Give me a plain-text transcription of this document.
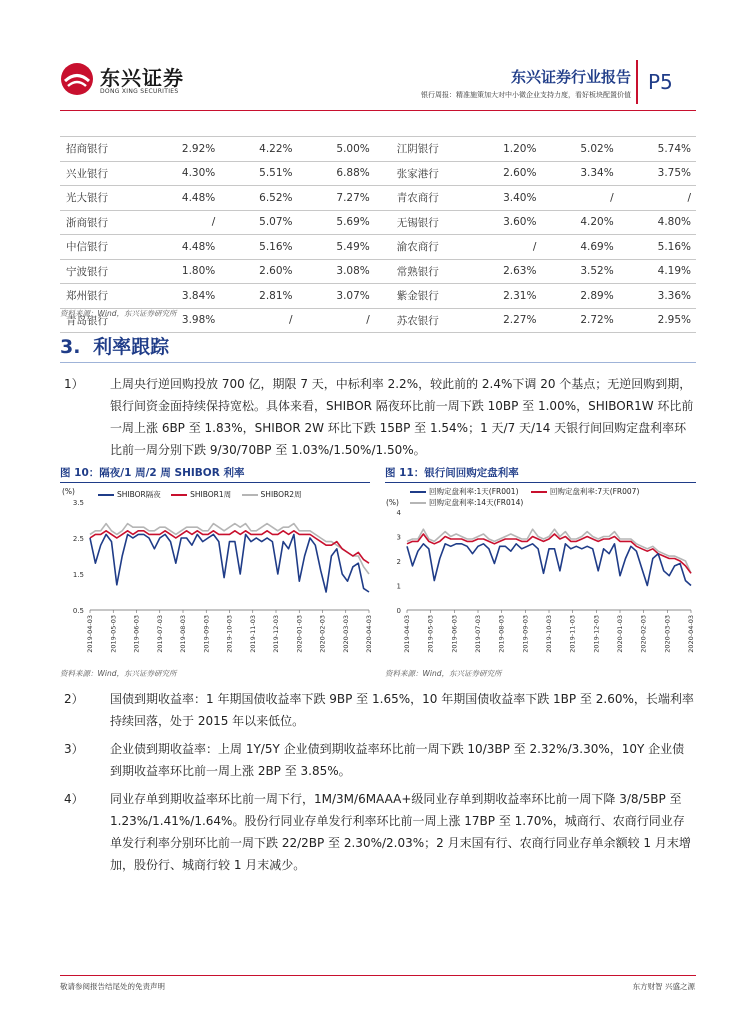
东兴证券
DONG XING SECURITIES
东兴证券行业报告
银行周报：精准施策加大对中小微企业支持力度，看好板块配置价值
P5
招商银行	2.92%	4.22%	5.00%	江阴银行	1.20%	5.02%	5.74%
兴业银行	4.30%	5.51%	6.88%	张家港行	2.60%	3.34%	3.75%
光大银行	4.48%	6.52%	7.27%	青农商行	3.40%	/	/
浙商银行	/	5.07%	5.69%	无锡银行	3.60%	4.20%	4.80%
中信银行	4.48%	5.16%	5.49%	渝农商行	/	4.69%	5.16%
宁波银行	1.80%	2.60%	3.08%	常熟银行	2.63%	3.52%	4.19%
郑州银行	3.84%	2.81%	3.07%	紫金银行	2.31%	2.89%	3.36%
青岛银行	3.98%	/	/	苏农银行	2.27%	2.72%	2.95%
资料来源：Wind，东兴证券研究所
3. 利率跟踪
1） 上周央行逆回购投放 700 亿，期限 7 天，中标利率 2.2%，较此前的 2.4%下调 20 个基点；无逆回购到期，银行间资金面持续保持宽松。具体来看，SHIBOR 隔夜环比前一周下跌 10BP 至 1.00%，SHIBOR1W 环比前一周上涨 6BP 至 1.83%，SHIBOR 2W 环比下跌 15BP 至 1.54%；1 天/7 天/14 天银行间回购定盘利率环比前一周分别下跌 9/30/70BP 至 1.03%/1.50%/1.50%。
图 10：隔夜/1 周/2 周 SHIBOR 利率
SHIBOR隔夜	SHIBOR1周	SHIBOR2周
(%)
3.5
2.5
1.5
0.5
2019-04-03 2019-05-03 2019-06-03 2019-07-03 2019-08-03 2019-09-03 2019-10-03 2019-11-03 2019-12-03 2020-01-03 2020-02-03 2020-03-03 2020-04-03
资料来源：Wind，东兴证券研究所
图 11：银行间回购定盘利率
回购定盘利率:1天(FR001)	回购定盘利率:7天(FR007)
回购定盘利率:14天(FR014)
(%)
4
3
2
1
0
2019-04-03 2019-05-03 2019-06-03 2019-07-03 2019-08-03 2019-09-03 2019-10-03 2019-11-03 2019-12-03 2020-01-03 2020-02-03 2020-03-03 2020-04-03
资料来源：Wind，东兴证券研究所
2） 国债到期收益率：1 年期国债收益率下跌 9BP 至 1.65%，10 年期国债收益率下跌 1BP 至 2.60%，长端利率持续回落，处于 2015 年以来低位。
3） 企业债到期收益率：上周 1Y/5Y 企业债到期收益率环比前一周下跌 10/3BP 至 2.32%/3.30%，10Y 企业债到期收益率环比前一周上涨 2BP 至 3.85%。
4） 同业存单到期收益率环比前一周下行，1M/3M/6MAAA+级同业存单到期收益率环比前一周下降 3/8/5BP 至 1.23%/1.41%/1.64%。股份行同业存单发行利率环比前一周上涨 17BP 至 1.70%，城商行、农商行同业存单发行利率分别环比前一周下跌 22/2BP 至 2.30%/2.03%；2 月末国有行、农商行同业存单余额较 1 月末增加，股份行、城商行较 1 月末减少。
敬请参阅报告结尾处的免责声明	东方财智 兴盛之源
